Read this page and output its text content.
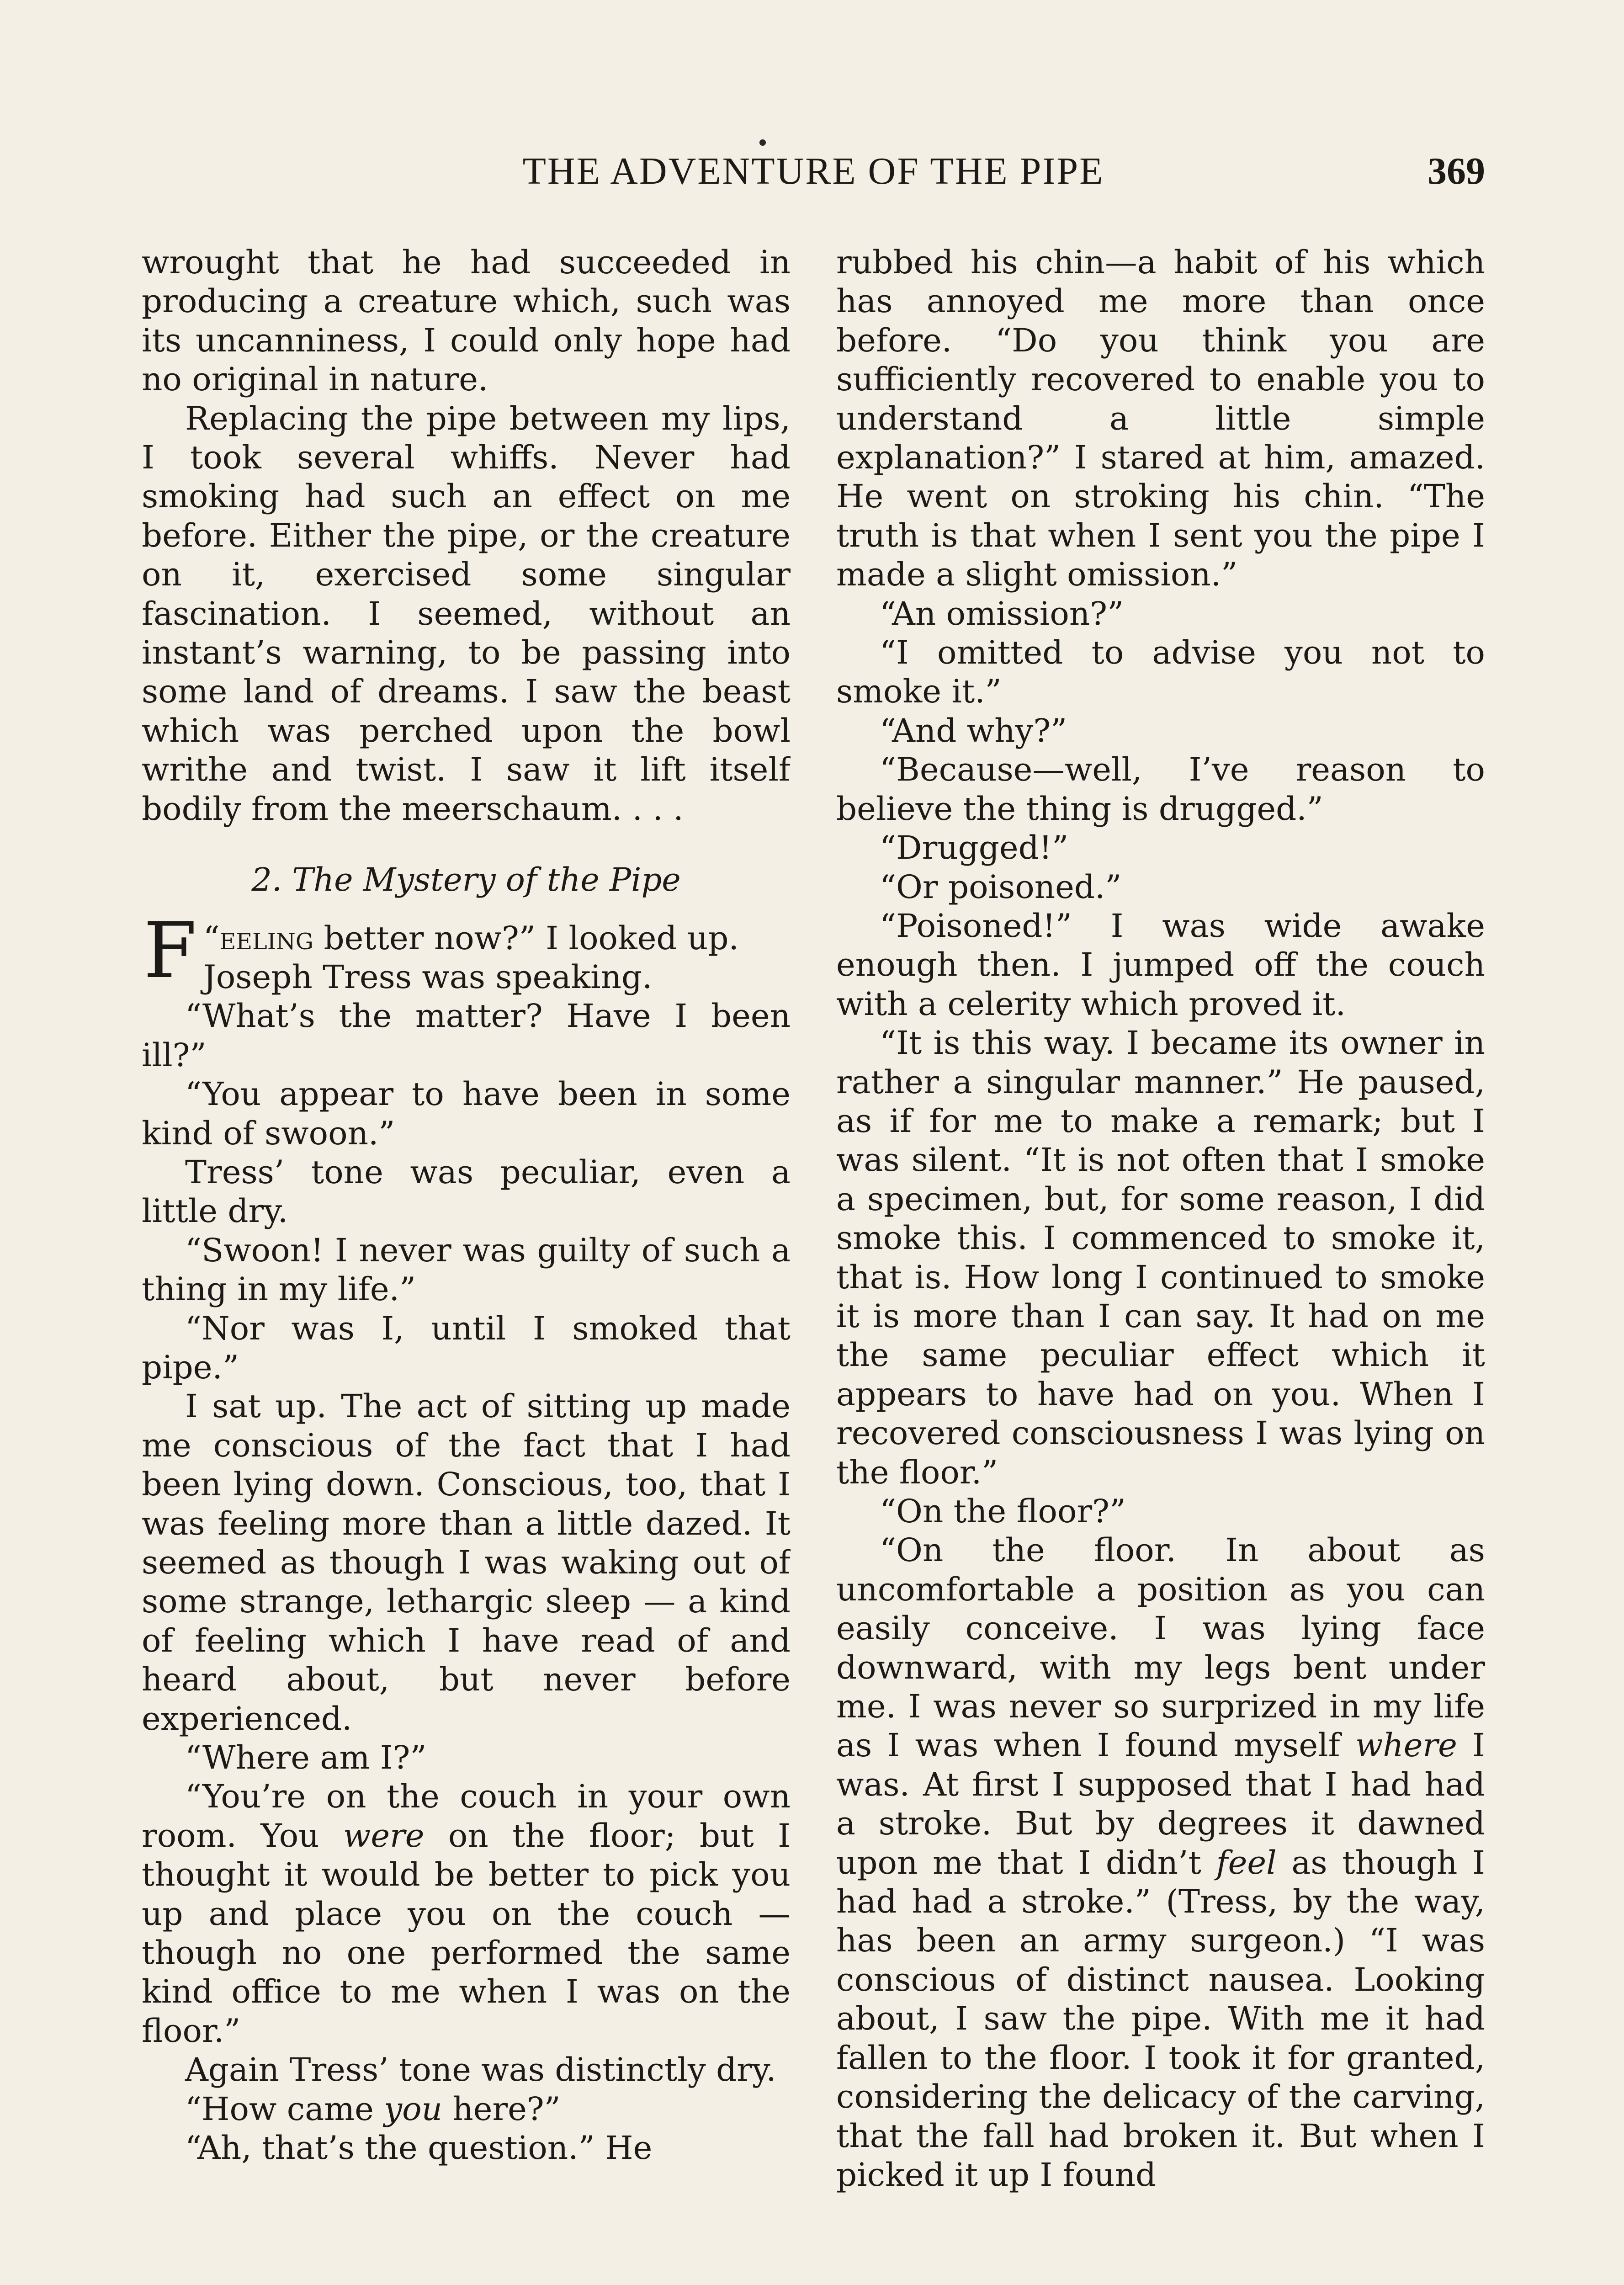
THE ADVENTURE OF THE PIPE	369

wrought that he had succeeded in producing a creature which, such was its uncanniness, I could only hope had no original in nature.

Replacing the pipe between my lips, I took several whiffs. Never had smoking had such an effect on me before. Either the pipe, or the creature on it, exercised some singular fascination. I seemed, without an instant’s warning, to be passing into some land of dreams. I saw the beast which was perched upon the bowl writhe and twist. I saw it lift itself bodily from the meerschaum. . . .

2. The Mystery of the Pipe

“
F eeling better now?” I looked up. Joseph Tress was speaking.

“What’s the matter? Have I been ill?”

“You appear to have been in some kind of swoon.”

Tress’ tone was peculiar, even a little dry.

“Swoon! I never was guilty of such a thing in my life.”

“Nor was I, until I smoked that pipe.”

I sat up. The act of sitting up made me conscious of the fact that I had been lying down. Conscious, too, that I was feeling more than a little dazed. It seemed as though I was waking out of some strange, lethargic sleep — a kind of feeling which I have read of and heard about, but never before experienced.

“Where am I?”

“You’re on the couch in your own room. You were on the floor; but I thought it would be better to pick you up and place you on the couch —though no one performed the same kind office to me when I was on the floor.”

Again Tress’ tone was distinctly dry.

“How came you here?”

“Ah, that’s the question.” He

rubbed his chin—a habit of his which has annoyed me more than once before. “Do you think you are sufficiently recovered to enable you to understand a little simple explanation?” I stared at him, amazed. He went on stroking his chin. “The truth is that when I sent you the pipe I made a slight omission.”

“An omission?”

“I omitted to advise you not to smoke it.”

“And why?”

“Because—well, I’ve reason to believe the thing is drugged.”

“Drugged!”

“Or poisoned.”

“Poisoned!” I was wide awake enough then. I jumped off the couch with a celerity which proved it.

“It is this way. I became its owner in rather a singular manner.” He paused, as if for me to make a remark; but I was silent. “It is not often that I smoke a specimen, but, for some reason, I did smoke this. I commenced to smoke it, that is. How long I continued to smoke it is more than I can say. It had on me the same peculiar effect which it appears to have had on you. When I recovered consciousness I was lying on the floor.”

“On the floor?”

“On the floor. In about as uncomfortable a position as you can easily conceive. I was lying face downward, with my legs bent under me. I was never so surprized in my life as I was when I found myself where I was. At first I supposed that I had had a stroke. But by degrees it dawned upon me that I didn’t feel as though I had had a stroke.” (Tress, by the way, has been an army surgeon.) “I was conscious of distinct nausea. Looking about, I saw the pipe. With me it had fallen to the floor. I took it for granted, considering the delicacy of the carving, that the fall had broken it. But when I picked it up I found
